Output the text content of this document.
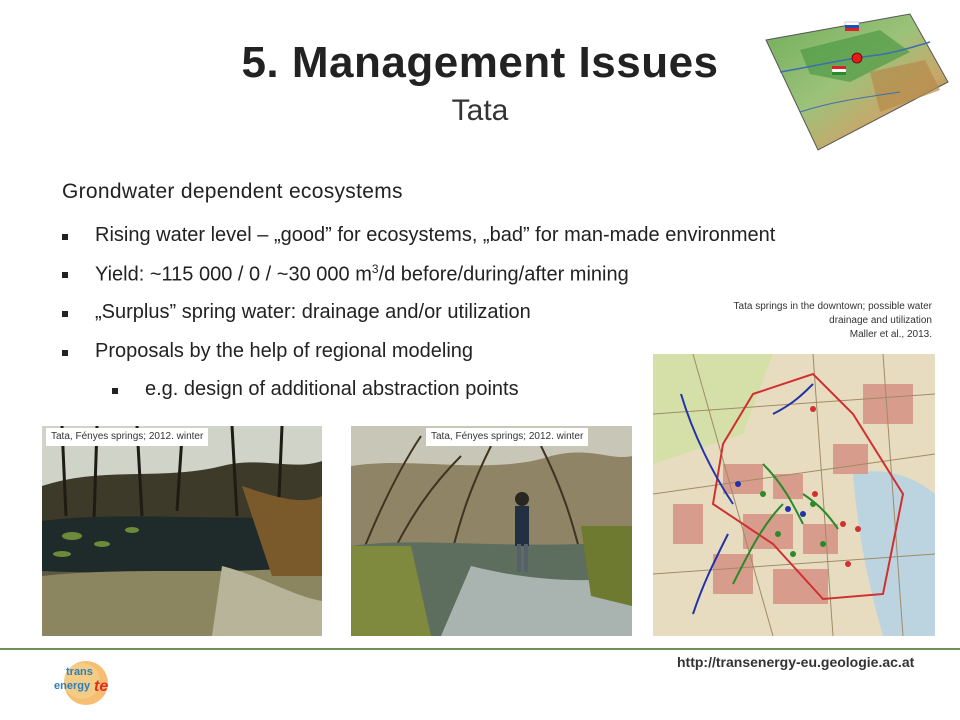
5. Management Issues
Tata
Grondwater dependent ecosystems
Rising water level – „good” for ecosystems, „bad” for man-made environment
Yield: ~115 000 / 0 / ~30 000 $m^3/d$ before/during/after mining
„Surplus” spring water: drainage and/or utilization
Proposals by the help of regional modeling
e.g. design of additional abstraction points
Tata, Fényes springs; 2012. winter	Tata, Fényes springs; 2012. winter
Tata springs in the downtown; possible water
drainage and utilization
Maller et al., 2013.
http://transenergy-eu.geologie.ac.at
trans
energy te
